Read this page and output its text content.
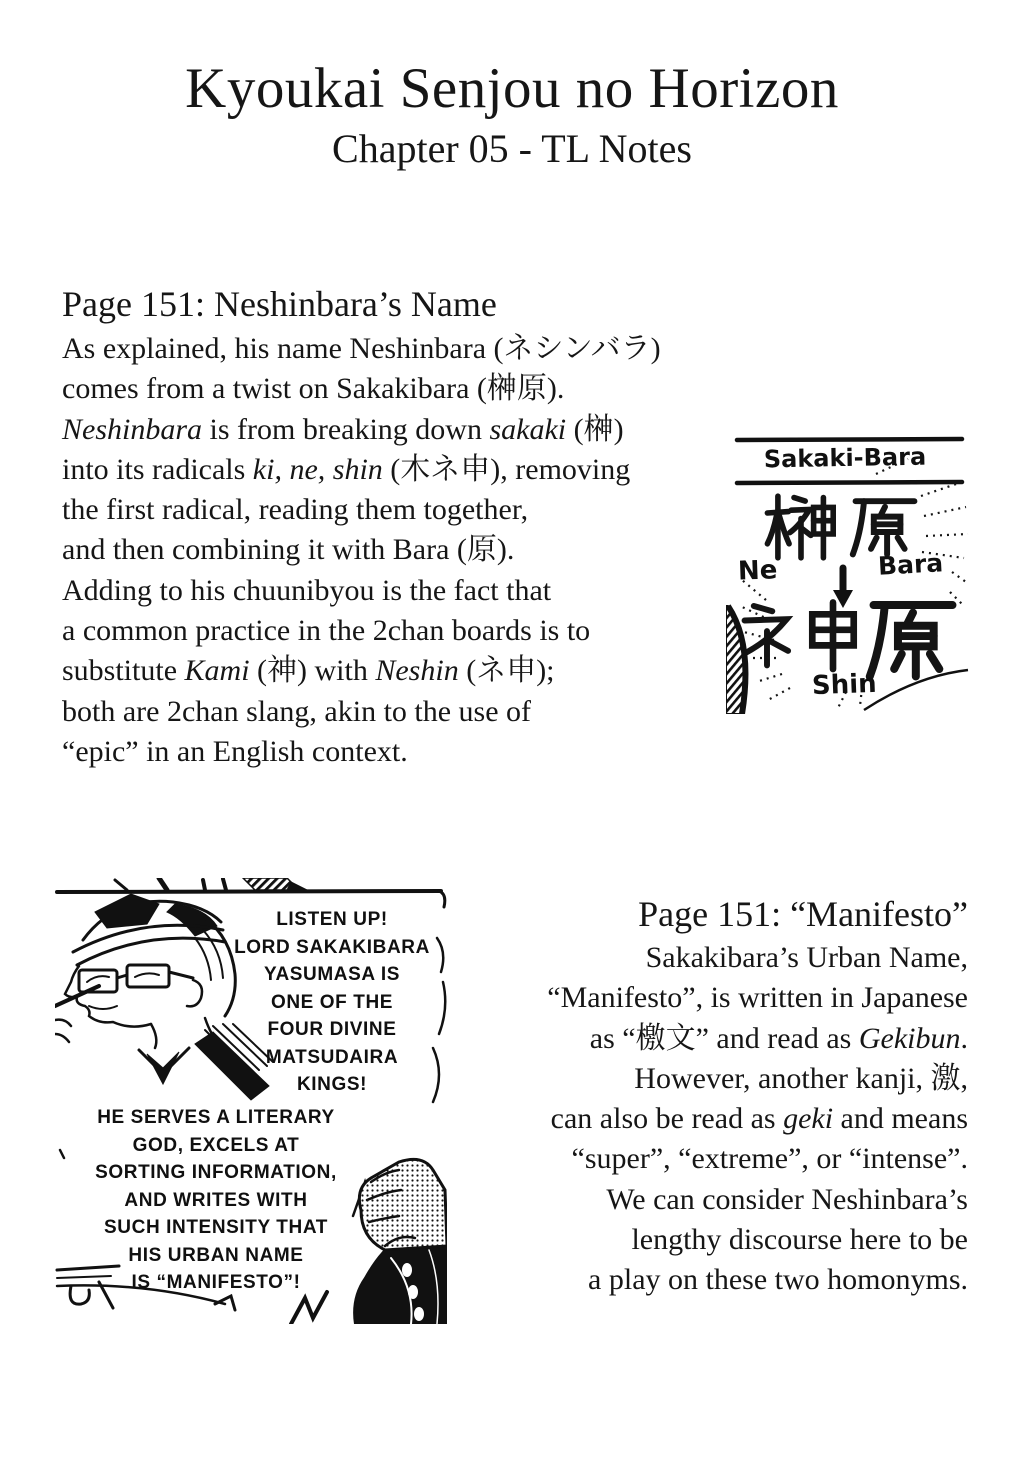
Kyoukai Senjou no Horizon
Chapter 05 - TL Notes
Page 151: Neshinbara’s Name
As explained, his name Neshinbara (ネシンバラ)
comes from a twist on Sakakibara (榊原).
Neshinbara is from breaking down sakaki (榊)
into its radicals ki, ne, shin (木ネ申), removing
the first radical, reading them together,
and then combining it with Bara (原).
Adding to his chuunibyou is the fact that
a common practice in the 2chan boards is to
substitute Kami (神) with Neshin (ネ申);
both are 2chan slang, akin to the use of
“epic” in an English context.
Sakaki-Bara
Ne	Bara
Shin
LISTEN UP!
LORD SAKAKIBARA
YASUMASA IS
ONE OF THE
FOUR DIVINE
MATSUDAIRA
KINGS!
HE SERVES A LITERARY
GOD, EXCELS AT
SORTING INFORMATION,
AND WRITES WITH
SUCH INTENSITY THAT
HIS URBAN NAME
IS “MANIFESTO”!
Page 151: “Manifesto”
Sakakibara’s Urban Name,
“Manifesto”, is written in Japanese
as “檄文” and read as Gekibun.
However, another kanji, 激,
can also be read as geki and means
“super”, “extreme”, or “intense”.
We can consider Neshinbara’s
lengthy discourse here to be
a play on these two homonyms.
